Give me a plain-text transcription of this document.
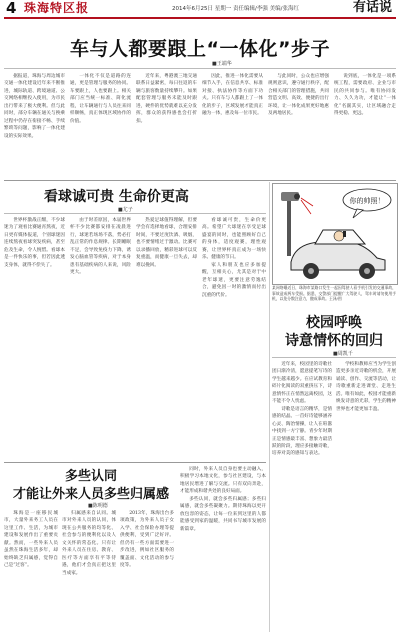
4 珠海特区报	2014年6月25日 星期一 责任编辑/李强 美编/张海红	有话说
车与人都要跟上“一体化”步子
■王端华

据报道，珠海与周边城市交通一体化建设近年来不断推进，城际轨道、跨境通道、公交网络相继投入使用，为市民出行带来了极大便利。但与此同时，部分车辆在通关与换乘过程中仍存在衔接不畅、手续繁琐等问题，影响了一体化建设的实际效果。

一体化不仅是道路的连通，更是管理与服务的协同。车要跟上，人也要跟上。相关部门应当统一标准、简化流程，让车辆通行与人员往来同样顺畅，真正体现区域协作的价值。

近年来，粤港澳三地交通联系日益紧密，每日往返的车辆与旅客数量持续攀升。如果配套管理与服务未能及时跟进，硬件的优势就难以充分发挥，群众的获得感也会打折扣。

因此，推进一体化需要从细节入手，在信息共享、标准对接、执法协作等方面下功夫。只有车与人都跟上了一体化的步子，区域发展才能真正融为一体，惠及每一位市民。

与此同时，公众也应增强规则意识，遵守通行秩序，配合相关部门的管理措施，共同营造文明、高效、便捷的出行环境，让一体化成果更好地惠及两地居民。

说到底，一体化是一项系统工程，需要政府、企业与市民的共同参与。唯有协同发力、久久为功，才能让“一体化”名副其实，让区域融合走得更稳、更远。

看球诚可贵 生命价更高
■尤子

世界杯激战正酣，不少球迷为了观看比赛通宵熬夜，近日更有媒体报道，个别球迷因连续熬夜看球突发疾病，甚至危及生命，令人惋惜。看球本是一件快乐的事，但若因此透支身体，就得不偿失了。

由于时差原因，本届世界杯不少比赛都安排在凌晨进行，球迷若场场不落，势必打乱正常的作息规律。长期睡眠不足，会导致免疫力下降，诱发心脑血管等疾病，对于本身患有基础疾病的人来说，风险更大。

热爱足球值得理解，但要学会有选择地看球，合理安排时间，不要过度饮酒、吸烟，也不要情绪过于激动。比赛可以录播回放，精彩进球可以反复重温，而健康一旦失去，却难以挽回。

看球诚可贵，生命价更高。希望广大球迷在享受足球盛宴的同时，也能照顾好自己的身体，适度观赛，理性观赛，让世界杯真正成为一场快乐、健康的节日。

家人和朋友也应多加提醒，互相关心，尤其是对于中老年球迷，更要注意劳逸结合，避免因一时的激情而付出沉重的代价。

你的帅照！
某网络曝近日，珠海市某路口发生一起因驾驶人看手机引发的交通事故，事故造成两车受损。据悉，交警部门提醒广大驾驶人，驾车时请勿使用手机，以免分散注意力，酿成事故。王泽/图
校园呼唤
诗意情怀的回归
■周凯千

近年来，校园里的诗歌社团日渐冷清，愿意提笔写诗的学生越来越少。在应试教育和碎片化阅读的双重挤压下，诗意情怀正在悄然远离校园，这不能不令人忧虑。

诗歌是语言的精华，是情感的结晶。一首好诗能够涵养心灵、陶冶情操，让人在喧嚣中找到一方宁静。青少年时期正是情感最丰富、想象力最活跃的阶段，理应多接触诗歌，培养对美的感知与表达。

学校和教师应当为学生创造更多亲近诗歌的机会，开展诵读、创作、交流等活动，让诗歌重新走进课堂、走进生活。唯有如此，校园才能重新焕发诗意的光彩，学生的精神世界也才能更加丰盈。

多些认同
才能让外来人员多些归属感
■陈明德

珠海是一座移民城市，大量外来务工人员在这里工作、生活，为城市建设和发展作出了重要贡献。然而，一些外来人员虽然在珠海生活多年，却始终缺乏归属感，觉得自己是“过客”。

归属感来自认同。城市对外来人员的认同，体现在公共服务的均等化、社会参与的便利化以及人文关怀的常态化。只有让外来人员在住房、教育、医疗等方面享有平等待遇，他们才会真正把这里当成家。

2013年，珠海出台多项政策，为外来人员子女入学、社会保险办理等提供便利，受到广泛好评。但仍有一些方面需要进一步改进，例如社区服务的覆盖面、文化活动的参与度等。

同时，外来人员自身也要主动融入，积极学习本地文化，参与社区建设，与本地居民增进了解与交流。只有双向奔赴，才能形成和谐共处的良好局面。

多些认同，就会多些归属感；多些归属感，就会多些凝聚力。期待珠海以更开放包容的姿态，让每一位来到这里的人都能感受到家的温暖，共同书写城市发展的新篇章。
